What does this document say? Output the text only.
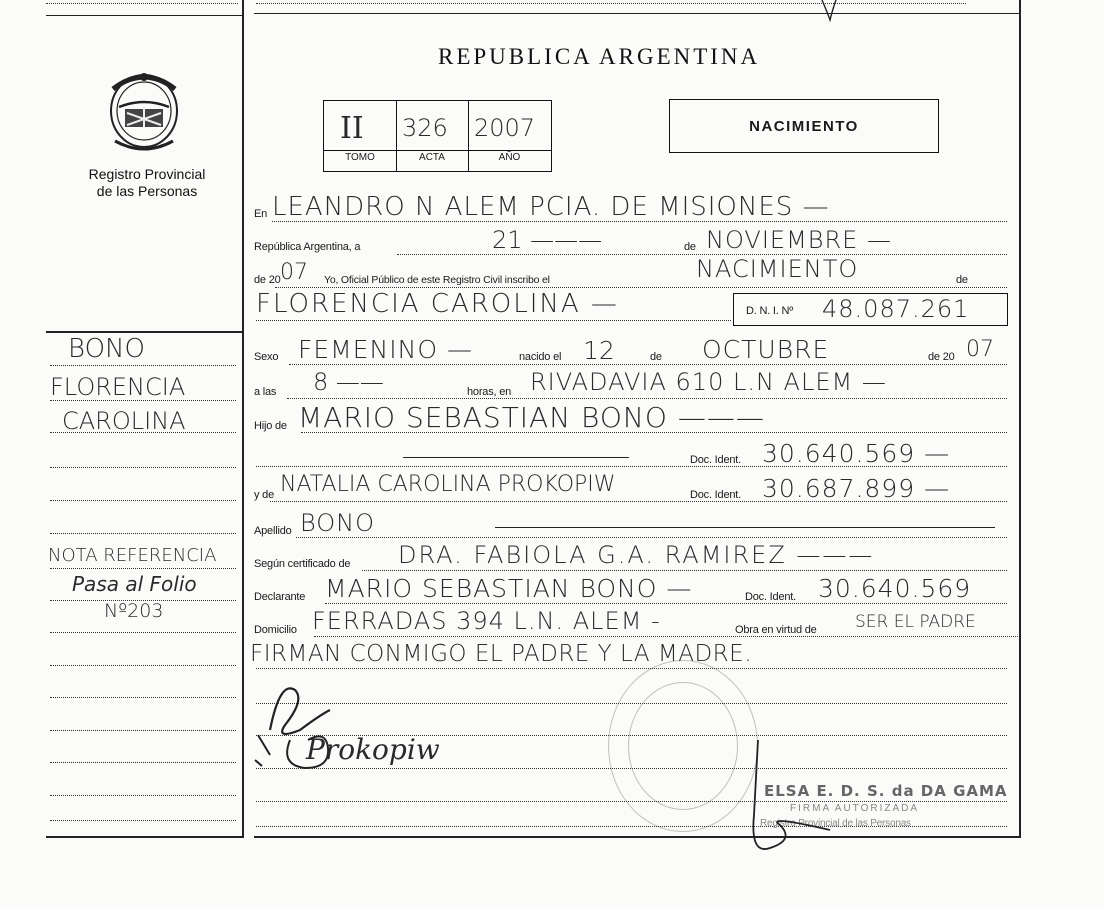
Registro Provincial
de las Personas
REPUBLICA ARGENTINA
II 326 2007
TOMO	ACTA	AÑO
NACIMIENTO
BONO
FLORENCIA
CAROLINA
NOTA REFERENCIA
Pasa al Folio
Nº203
En LEANDRO N ALEM PCIA. DE MISIONES —
República Argentina, a	21 ———	de NOVIEMBRE —
de 20 07 Yo, Oficial Público de este Registro Civil inscribo el	NACIMIENTO	de
FLORENCIA CAROLINA —	D. N. I. Nº 48.087.261
Sexo FEMENINO —	nacido el 12	de OCTUBRE	de 20 07
a las 8 ——	horas, en RIVADAVIA 610 L.N ALEM —
Hijo de MARIO SEBASTIAN BONO ———
Doc. Ident. 30.640.569 —
y de NATALIA CAROLINA PROKOPIW	Doc. Ident. 30.687.899 —
Apellido BONO
Según certificado de DRA. FABIOLA G.A. RAMIREZ ———
Declarante MARIO SEBASTIAN BONO —	Doc. Ident. 30.640.569
Domicilio FERRADAS 394 L.N. ALEM -	Obra en virtud de SER EL PADRE
FIRMAN CONMIGO EL PADRE Y LA MADRE.
Prokopiw
ELSA E. D. S. da DA GAMA
FIRMA AUTORIZADA
Registro Provincial de las Personas
